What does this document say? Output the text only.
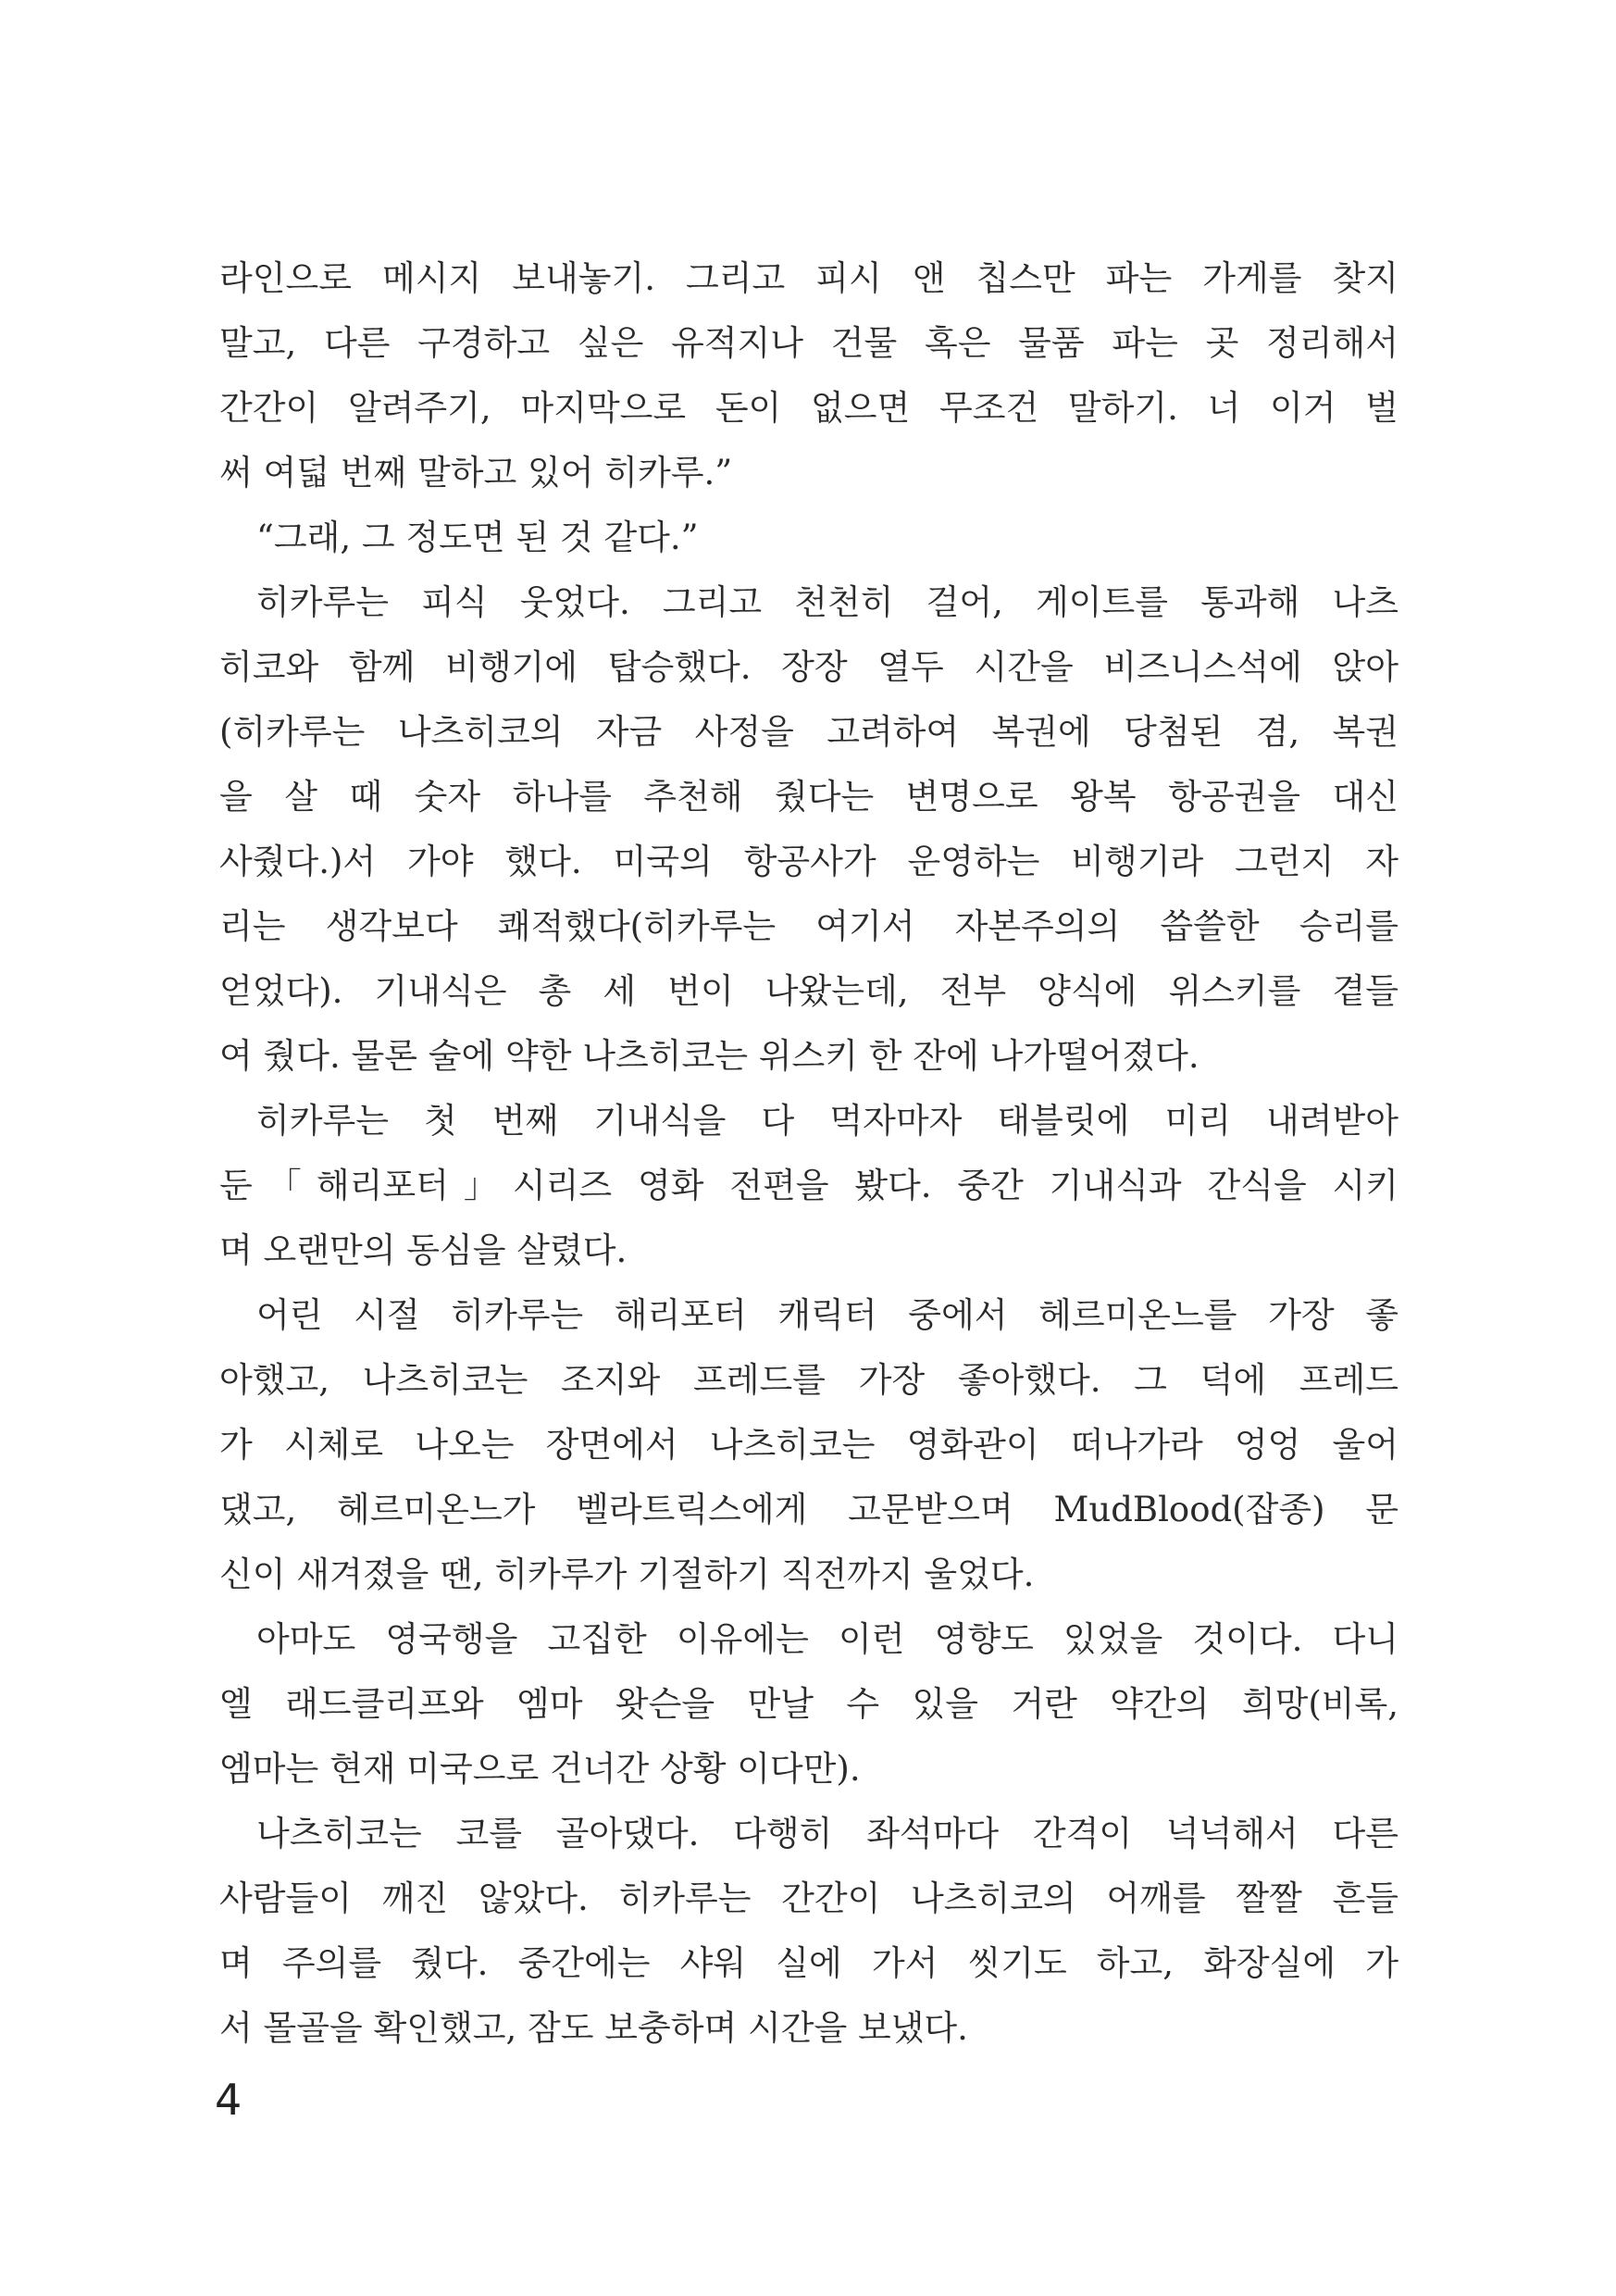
라인으로 메시지 보내놓기. 그리고 피시 앤 칩스만 파는 가게를 찾지
말고, 다른 구경하고 싶은 유적지나 건물 혹은 물품 파는 곳 정리해서
간간이 알려주기, 마지막으로 돈이 없으면 무조건 말하기. 너 이거 벌
써 여덟 번째 말하고 있어 히카루.”
“그래, 그 정도면 된 것 같다.”
히카루는 피식 웃었다. 그리고 천천히 걸어, 게이트를 통과해 나츠
히코와 함께 비행기에 탑승했다. 장장 열두 시간을 비즈니스석에 앉아
(히카루는 나츠히코의 자금 사정을 고려하여 복권에 당첨된 겸, 복권
을 살 때 숫자 하나를 추천해 줬다는 변명으로 왕복 항공권을 대신
사줬다.)서 가야 했다. 미국의 항공사가 운영하는 비행기라 그런지 자
리는 생각보다 쾌적했다(히카루는 여기서 자본주의의 씁쓸한 승리를
얻었다). 기내식은 총 세 번이 나왔는데, 전부 양식에 위스키를 곁들
여 줬다. 물론 술에 약한 나츠히코는 위스키 한 잔에 나가떨어졌다.
히카루는 첫 번째 기내식을 다 먹자마자 태블릿에 미리 내려받아
둔「해리포터」시리즈 영화 전편을 봤다. 중간 기내식과 간식을 시키
며 오랜만의 동심을 살렸다.
어린 시절 히카루는 해리포터 캐릭터 중에서 헤르미온느를 가장 좋
아했고, 나츠히코는 조지와 프레드를 가장 좋아했다. 그 덕에 프레드
가 시체로 나오는 장면에서 나츠히코는 영화관이 떠나가라 엉엉 울어
댔고, 헤르미온느가 벨라트릭스에게 고문받으며 MudBlood(잡종) 문
신이 새겨졌을 땐, 히카루가 기절하기 직전까지 울었다.
아마도 영국행을 고집한 이유에는 이런 영향도 있었을 것이다. 다니
엘 래드클리프와 엠마 왓슨을 만날 수 있을 거란 약간의 희망(비록,
엠마는 현재 미국으로 건너간 상황 이다만).
나츠히코는 코를 골아댔다. 다행히 좌석마다 간격이 넉넉해서 다른
사람들이 깨진 않았다. 히카루는 간간이 나츠히코의 어깨를 짤짤 흔들
며 주의를 줬다. 중간에는 샤워 실에 가서 씻기도 하고, 화장실에 가
서 몰골을 확인했고, 잠도 보충하며 시간을 보냈다.
4
